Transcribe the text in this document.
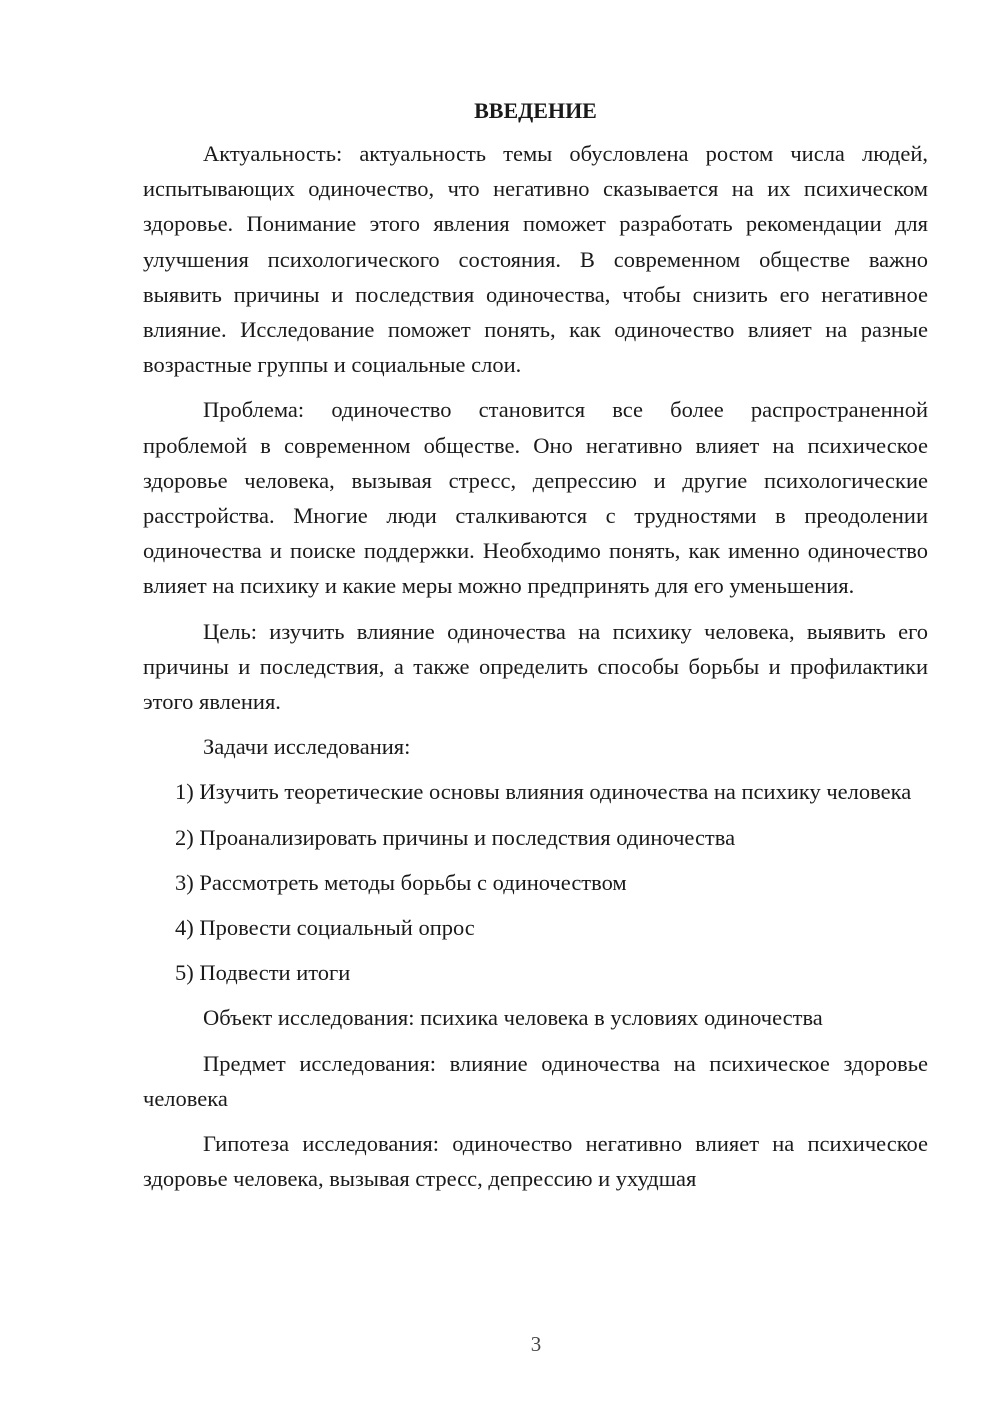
ВВЕДЕНИЕ

Актуальность: актуальность темы обусловлена ростом числа людей, испытывающих одиночество, что негативно сказывается на их психическом здоровье. Понимание этого явления поможет разработать рекомендации для улучшения психологического состояния. В современном обществе важно выявить причины и последствия одиночества, чтобы снизить его негативное влияние. Исследование поможет понять, как одиночество влияет на разные возрастные группы и социальные слои.

Проблема: одиночество становится все более распространенной проблемой в современном обществе. Оно негативно влияет на психическое здоровье человека, вызывая стресс, депрессию и другие психологические расстройства. Многие люди сталкиваются с трудностями в преодолении одиночества и поиске поддержки. Необходимо понять, как именно одиночество влияет на психику и какие меры можно предпринять для его уменьшения.

Цель: изучить влияние одиночества на психику человека, выявить его причины и последствия, а также определить способы борьбы и профилактики этого явления.

Задачи исследования:

1) Изучить теоретические основы влияния одиночества на психику человека

2) Проанализировать причины и последствия одиночества

3) Рассмотреть методы борьбы с одиночеством

4) Провести социальный опрос

5) Подвести итоги

Объект исследования: психика человека в условиях одиночества

Предмет исследования: влияние одиночества на психическое здоровье человека

Гипотеза исследования: одиночество негативно влияет на психическое здоровье человека, вызывая стресс, депрессию и ухудшая

3
